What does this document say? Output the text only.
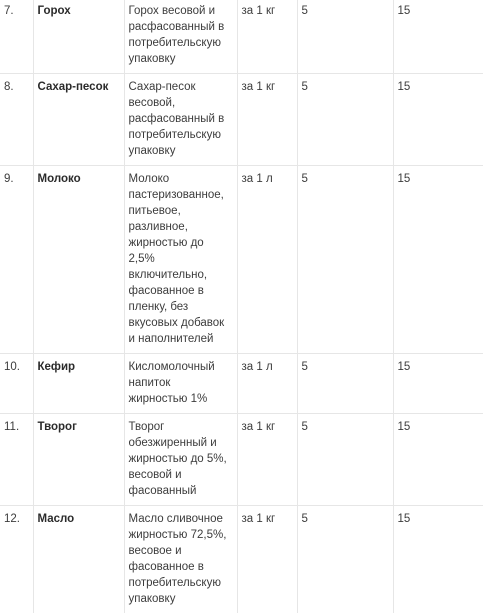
7.	Горох	Горох весовой и расфасованный в потребительскую упаковку	за 1 кг	5	15
8.	Сахар-песок	Сахар-песок весовой, расфасованный в потребительскую упаковку	за 1 кг	5	15
9.	Молоко	Молоко пастеризованное, питьевое, разливное, жирностью до 2,5% включительно, фасованное в пленку, без вкусовых добавок и наполнителей	за 1 л	5	15
10.	Кефир	Кисломолочный напиток жирностью 1%	за 1 л	5	15
11.	Творог	Творог обезжиренный и жирностью до 5%, весовой и фасованный	за 1 кг	5	15
12.	Масло	Масло сливочное жирностью 72,5%, весовое и фасованное в потребительскую упаковку	за 1 кг	5	15
